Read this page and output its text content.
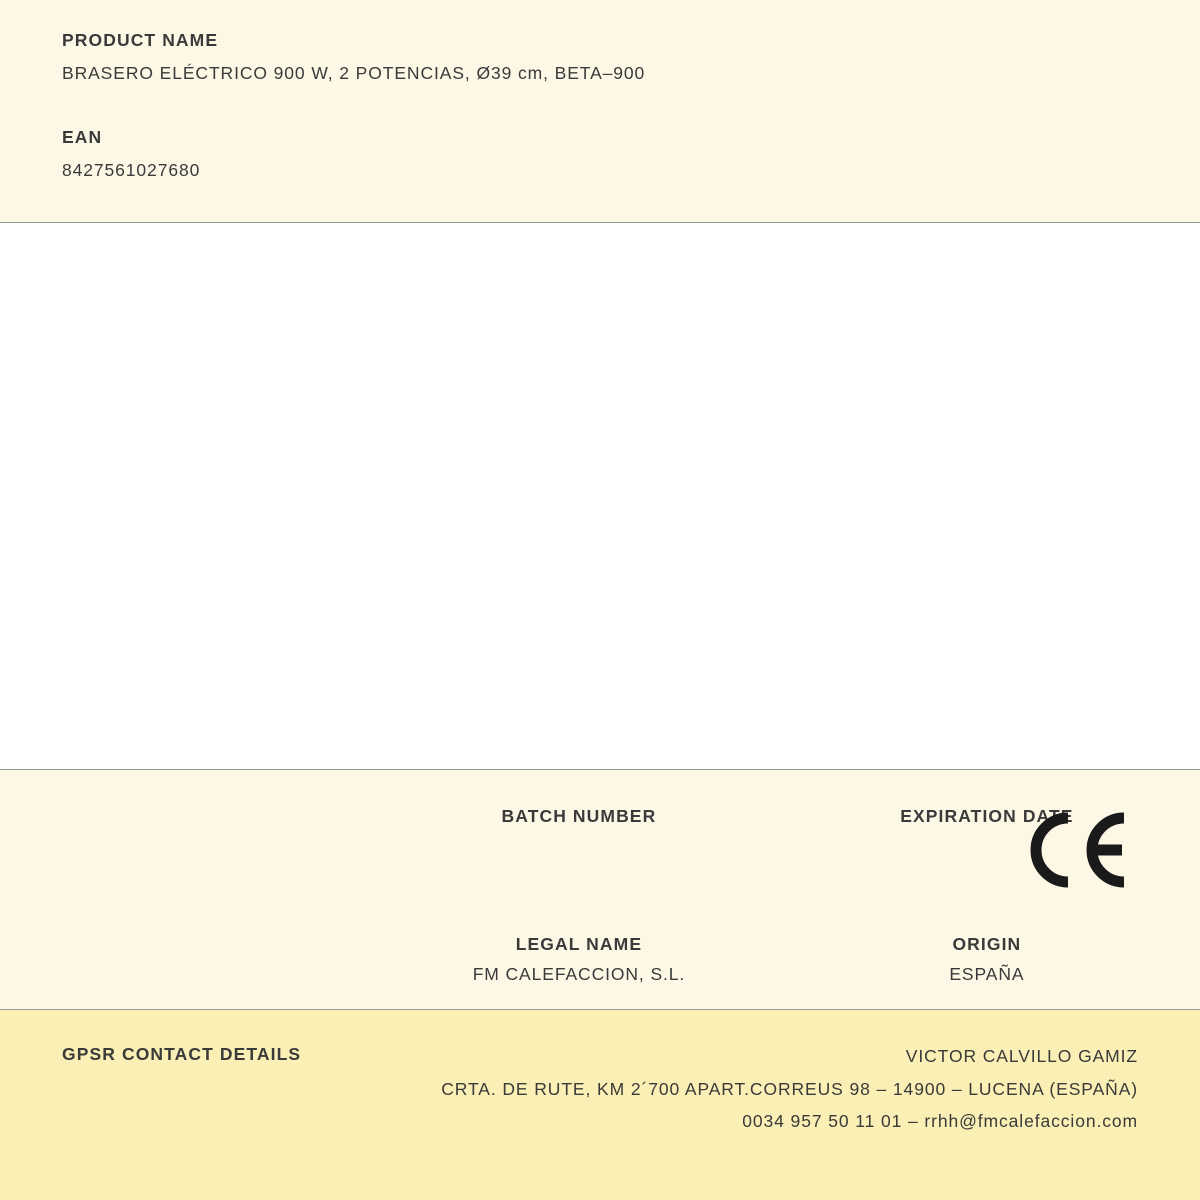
PRODUCT NAME

BRASERO ELÉCTRICO 900 W, 2 POTENCIAS, Ø39 cm, BETA–900

EAN

8427561027680

BATCH NUMBER	EXPIRATION DATE

LEGAL NAME

FM CALEFACCION, S.L.

ORIGIN

ESPAÑA

GPSR CONTACT DETAILS	VICTOR CALVILLO GAMIZ
CRTA. DE RUTE, KM 2´700 APART.CORREUS 98 – 14900 – LUCENA (ESPAÑA)
0034 957 50 11 01 – rrhh@fmcalefaccion.com
